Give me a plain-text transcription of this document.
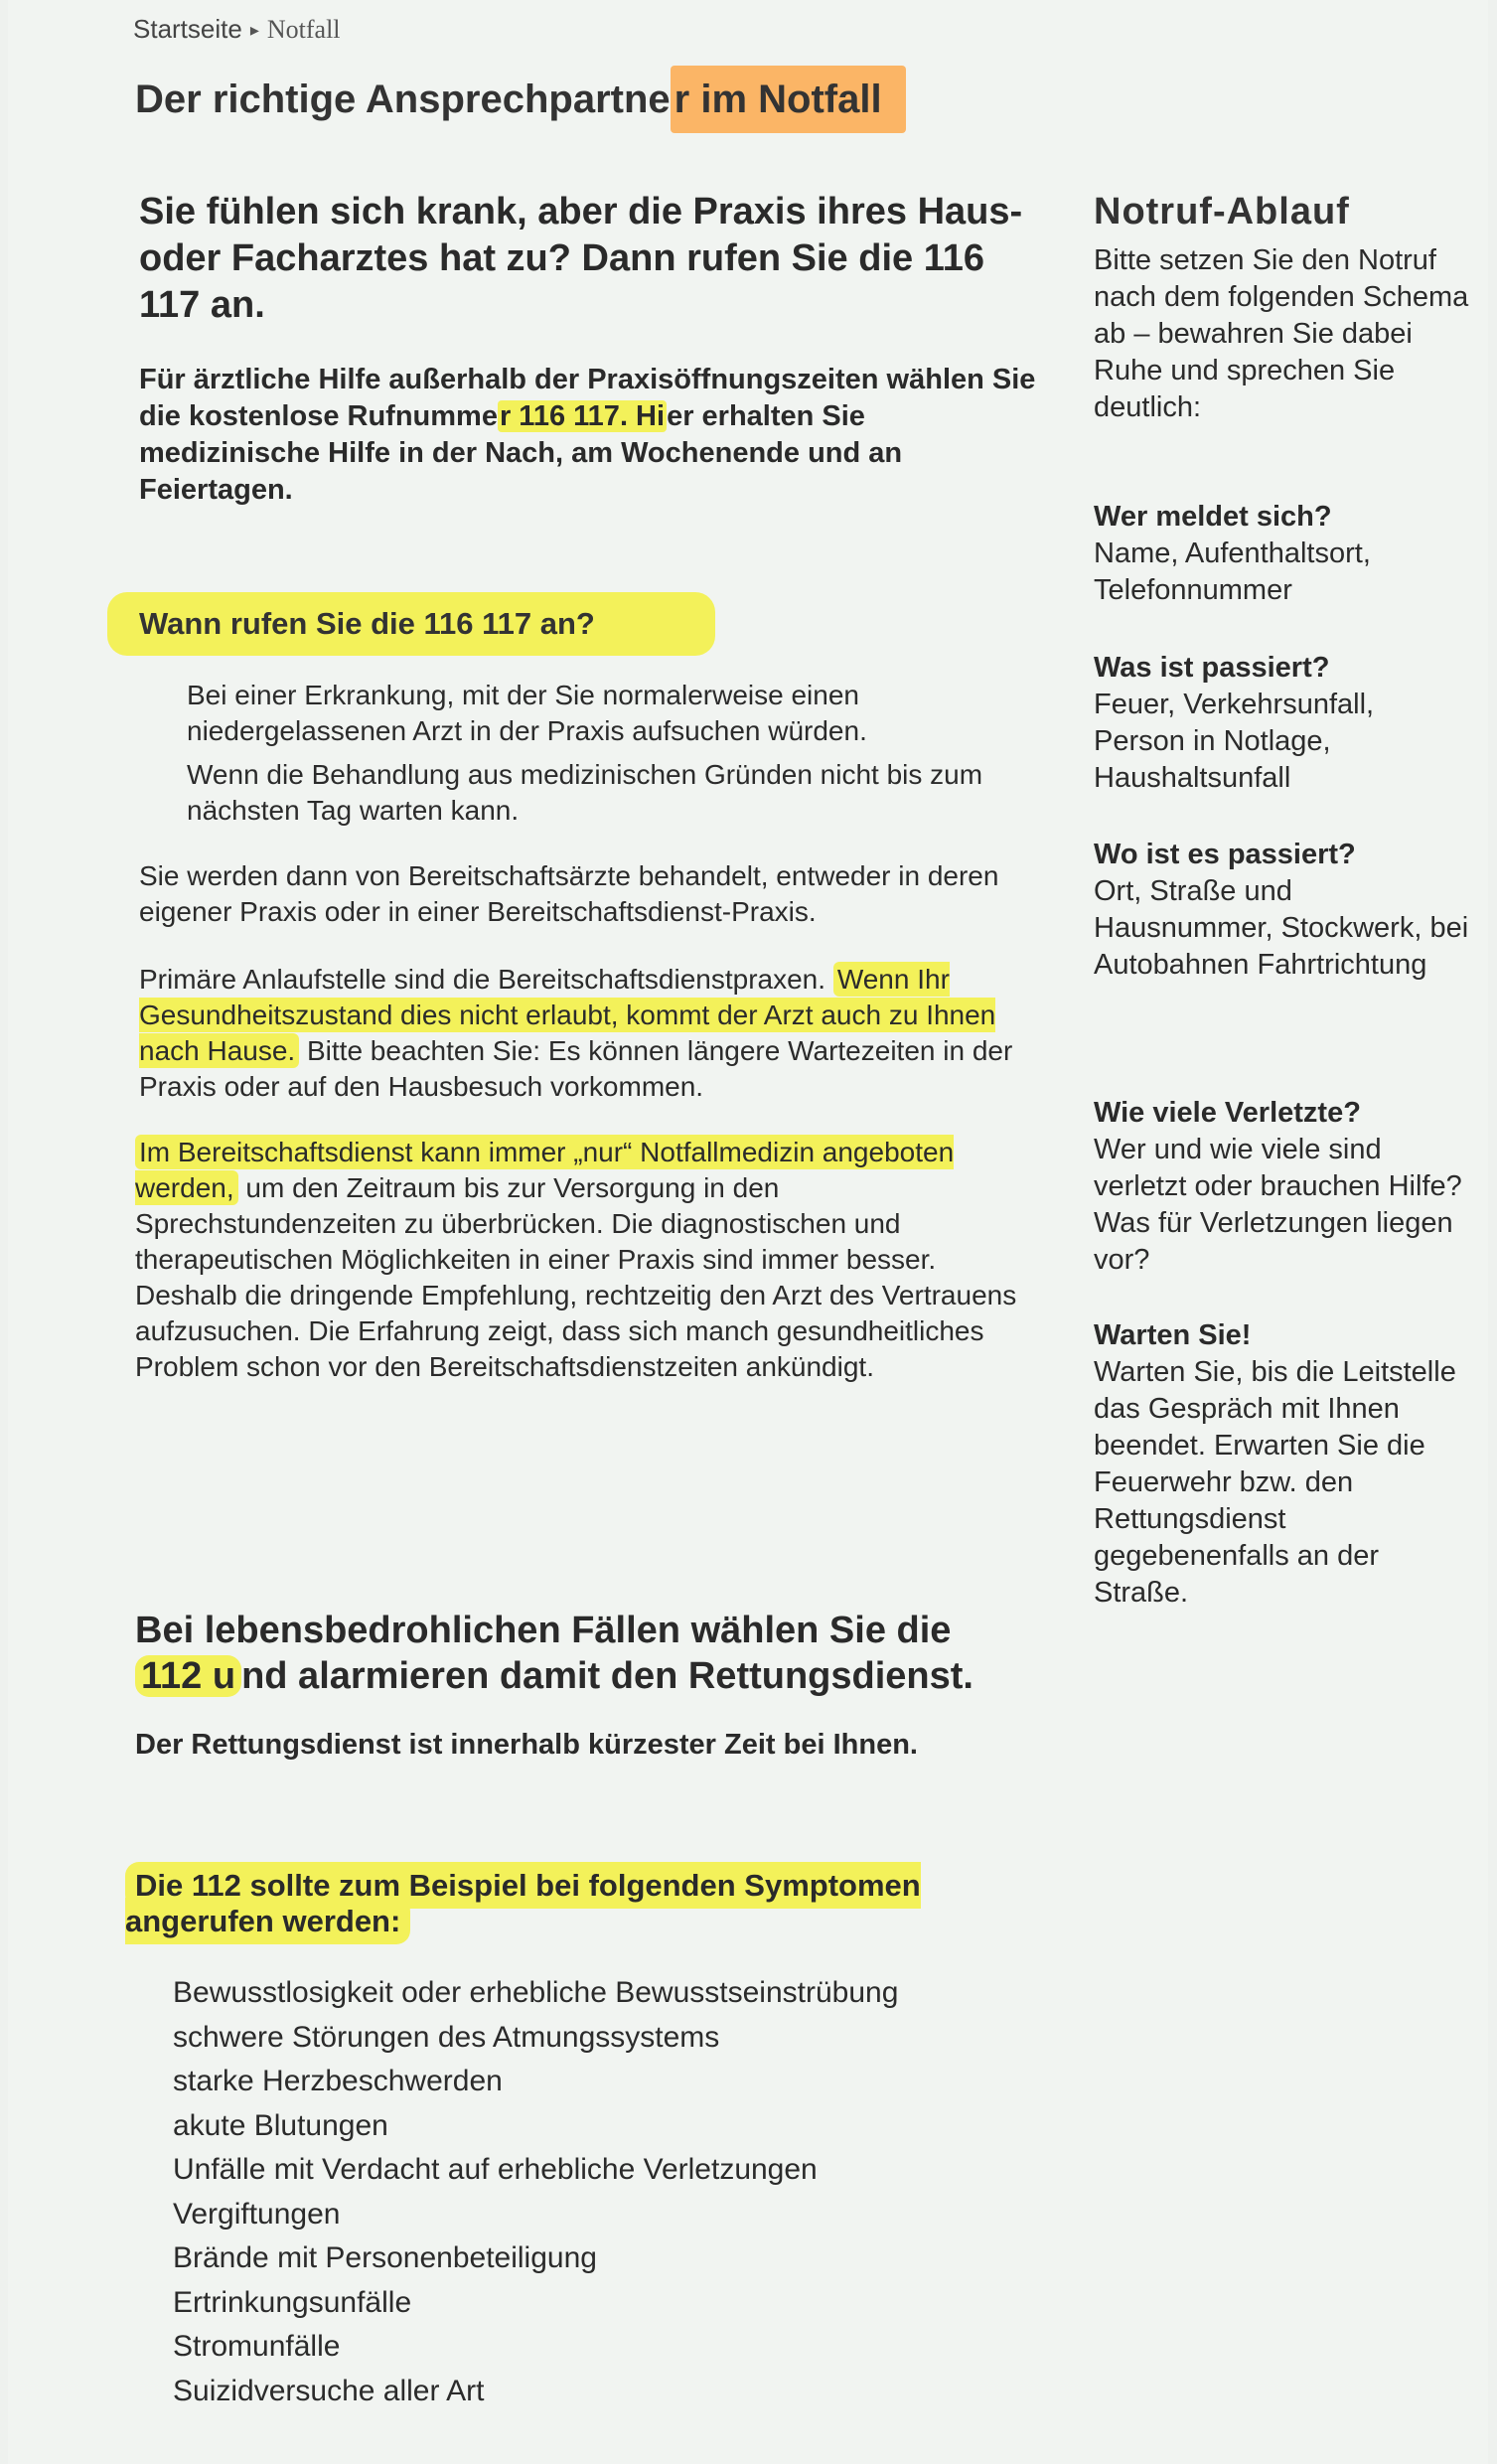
Startseite ▸ Notfall
Der richtige Ansprechpartne r im Notfall
Sie fühlen sich krank, aber die Praxis ihres Haus- oder Facharztes hat zu? Dann rufen Sie die 116 117 an.
Für ärztliche Hilfe außerhalb der Praxisöffnungszeiten wählen Sie die kostenlose Rufnummer 116 117. Hier erhalten Sie medizinische Hilfe in der Nach, am Wochenende und an Feiertagen.
Wann rufen Sie die 116 117 an?
Bei einer Erkrankung, mit der Sie normalerweise einen niedergelassenen Arzt in der Praxis aufsuchen würden.
Wenn die Behandlung aus medizinischen Gründen nicht bis zum nächsten Tag warten kann.
Sie werden dann von Bereitschaftsärzte behandelt, entweder in deren eigener Praxis oder in einer Bereitschaftsdienst-Praxis.
Primäre Anlaufstelle sind die Bereitschaftsdienstpraxen. Wenn Ihr Gesundheitszustand dies nicht erlaubt, kommt der Arzt auch zu Ihnen nach Hause. Bitte beachten Sie: Es können längere Wartezeiten in der Praxis oder auf den Hausbesuch vorkommen.
Im Bereitschaftsdienst kann immer „nur“ Notfallmedizin angeboten werden, um den Zeitraum bis zur Versorgung in den Sprechstundenzeiten zu überbrücken. Die diagnostischen und therapeutischen Möglichkeiten in einer Praxis sind immer besser. Deshalb die dringende Empfehlung, rechtzeitig den Arzt des Vertrauens aufzusuchen. Die Erfahrung zeigt, dass sich manch gesundheitliches Problem schon vor den Bereitschaftsdienstzeiten ankündigt.
Bei lebensbedrohlichen Fällen wählen Sie die
112 u nd alarmieren damit den Rettungsdienst.
Der Rettungsdienst ist innerhalb kürzester Zeit bei Ihnen.
Die 112 sollte zum Beispiel bei folgenden Symptomen angerufen werden:
Bewusstlosigkeit oder erhebliche Bewusstseinstrübung
schwere Störungen des Atmungssystems
starke Herzbeschwerden
akute Blutungen
Unfälle mit Verdacht auf erhebliche Verletzungen
Vergiftungen
Brände mit Personenbeteiligung
Ertrinkungsunfälle
Stromunfälle
Suizidversuche aller Art
Notruf-Ablauf

Bitte setzen Sie den Notruf nach dem folgenden Schema ab – bewahren Sie dabei Ruhe und sprechen Sie deutlich:

Wer meldet sich?

Name, Aufenthaltsort, Telefonnummer

Was ist passiert?

Feuer, Verkehrsunfall, Person in Notlage, Haushaltsunfall

Wo ist es passiert?

Ort, Straße und Hausnummer, Stockwerk, bei Autobahnen Fahrtrichtung

Wie viele Verletzte?

Wer und wie viele sind verletzt oder brauchen Hilfe? Was für Verletzungen liegen vor?

Warten Sie!

Warten Sie, bis die Leitstelle das Gespräch mit Ihnen beendet. Erwarten Sie die Feuerwehr bzw. den Rettungsdienst gegebenenfalls an der Straße.
